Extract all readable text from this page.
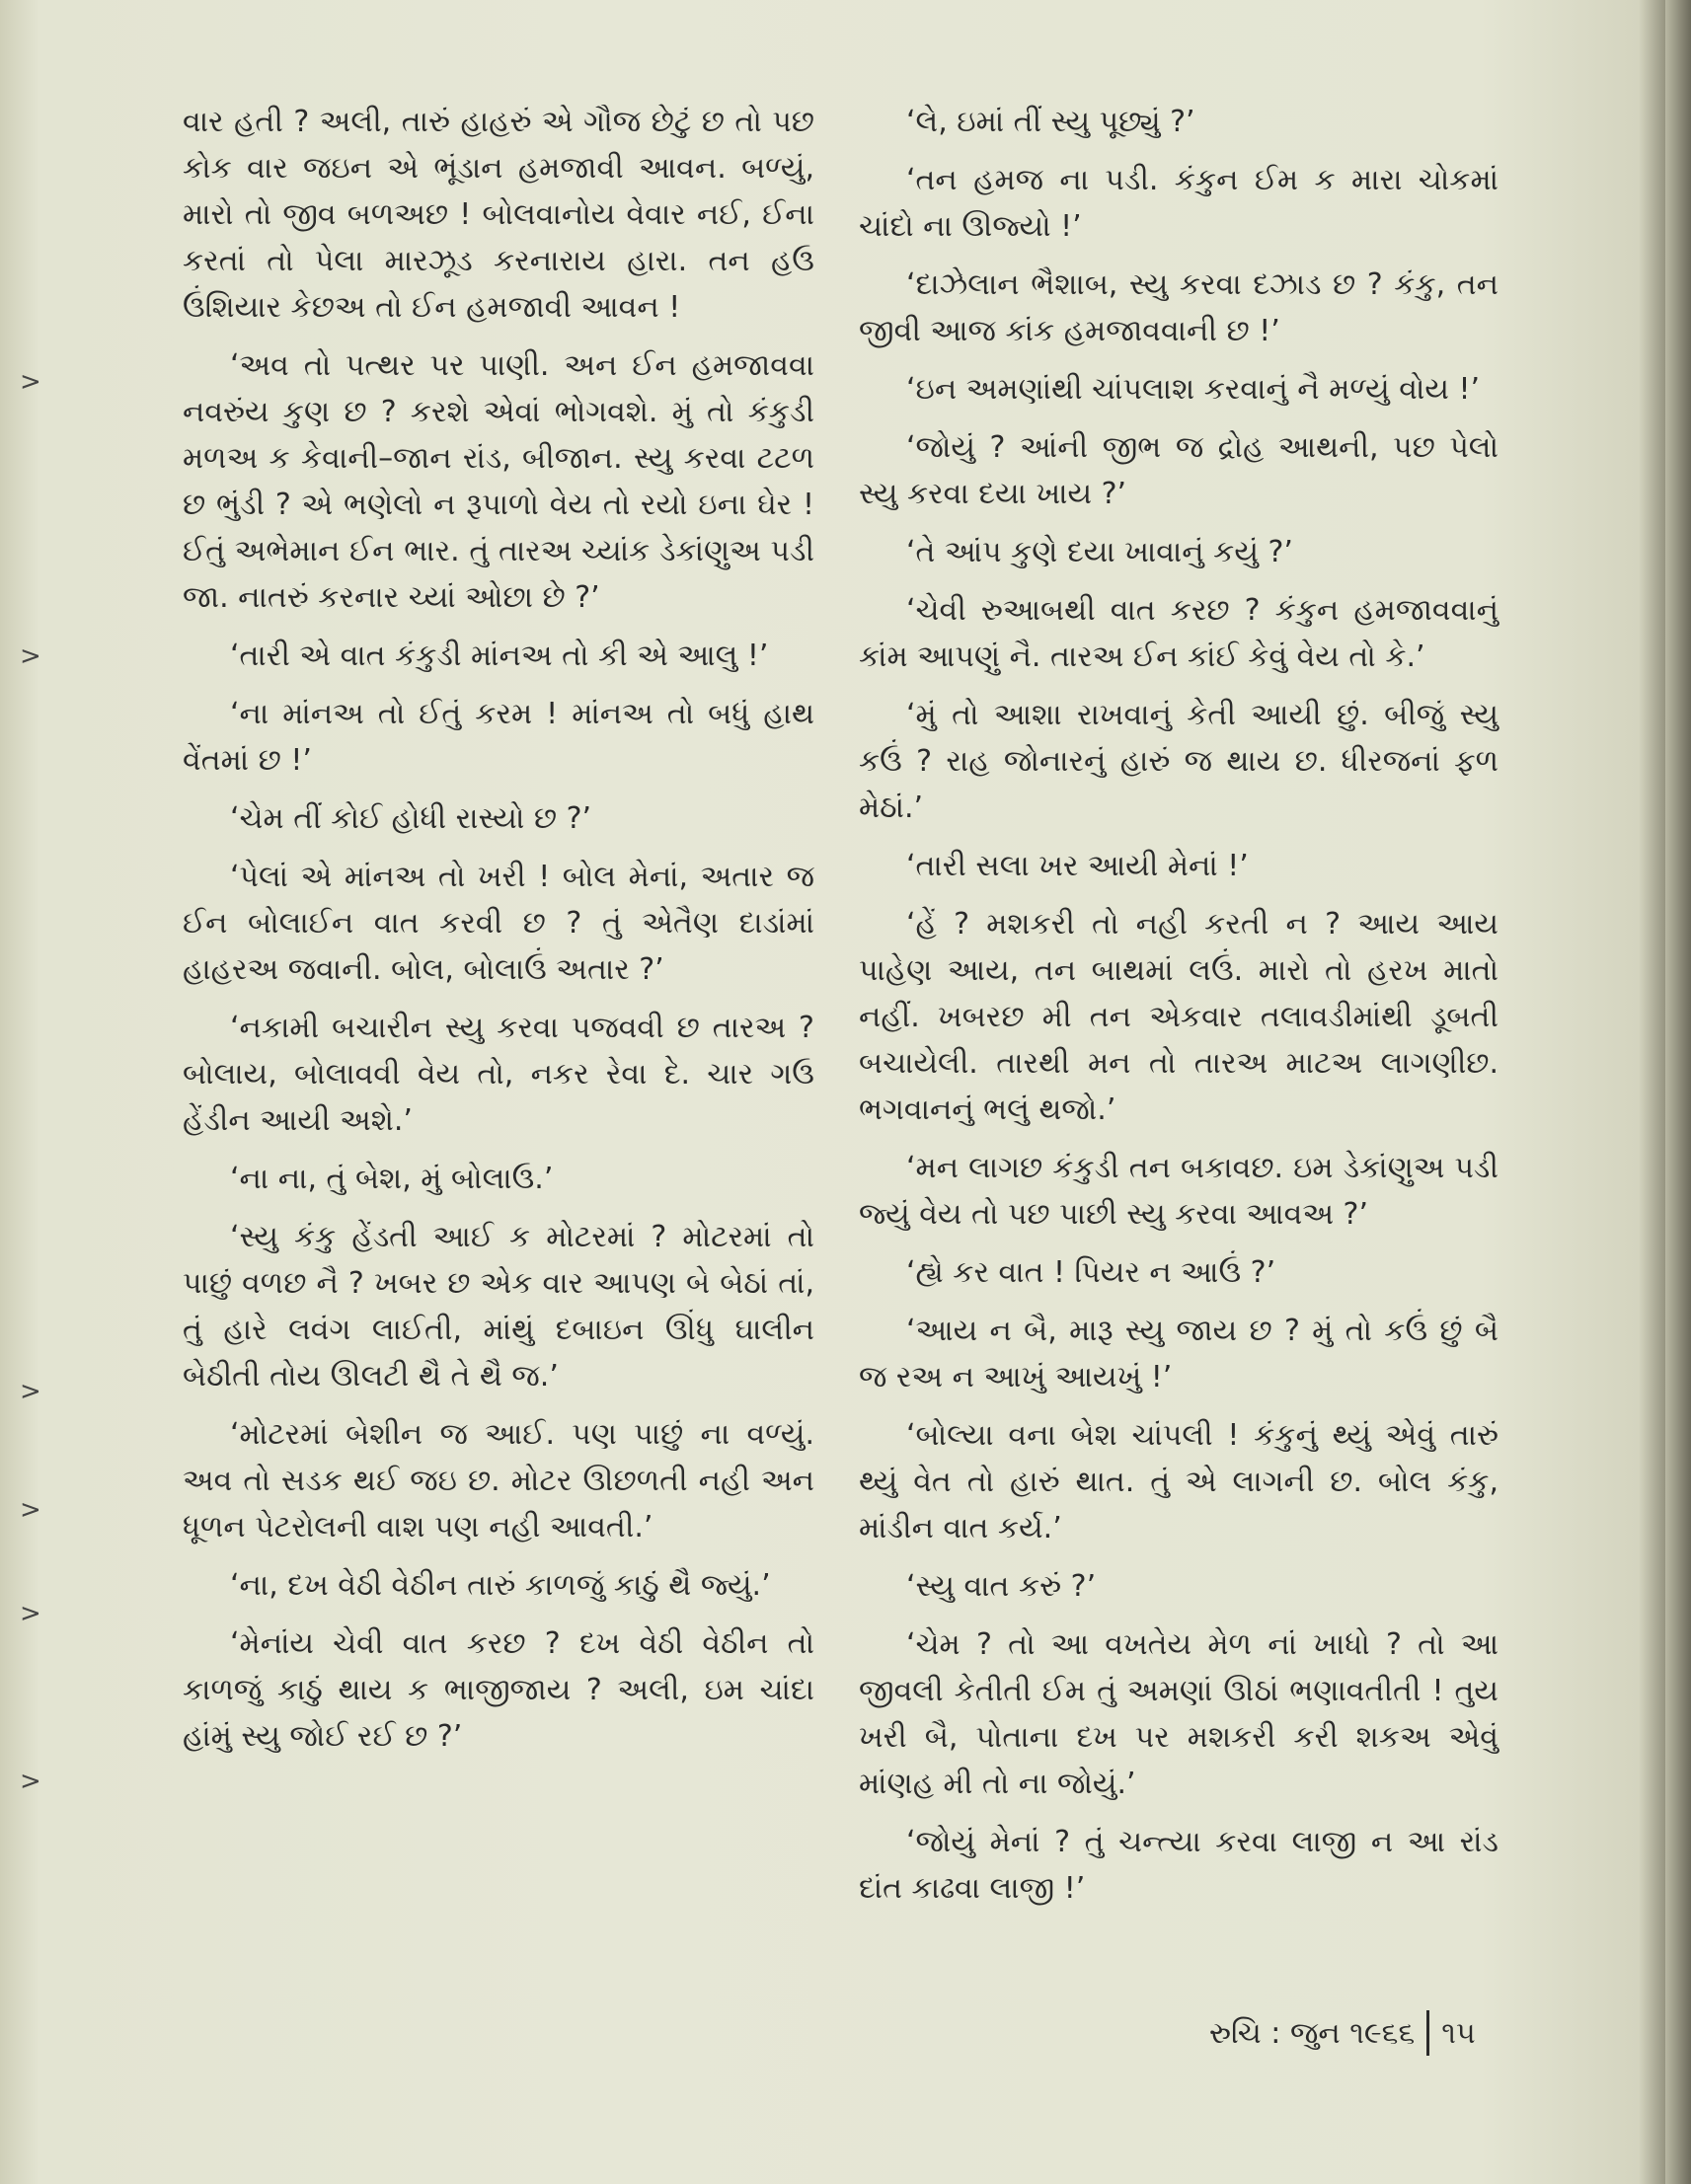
>
>
>
>
>
>

વાર હતી ? અલી, તારું હાહરું એ ગૌજ છેટું છ તો પછ કોક વાર જઇન એ ભૂંડાન હમજાવી આવન. બળ્યું, મારો તો જીવ બળઅછ ! બોલવાનોય વેવાર નઈ, ઈના કરતાં તો પેલા મારઝૂડ કરનારાય હારા. તન હઉ ઉંશિયાર કેછઅ તો ઈન હમજાવી આવન !

‘અવ તો પત્થર પર પાણી. અન ઈન હમજાવવા નવરુંય કુણ છ ? કરશે એવાં ભોગવશે. મું તો કંકુડી મળઅ ક કેવાની–જાન રાંડ, બીજાન. સ્યુ કરવા ટટળ છ ભુંડી ? એ ભણેલો ન રૂપાળો વેય તો રયો ઇના ઘેર ! ઈતું અભેમાન ઈન ભાર. તું તારઅ ચ્યાંક ડેકાંણુઅ પડી જા. નાતરું કરનાર ચ્યાં ઓછા છે ?’

‘તારી એ વાત કંકુડી માંનઅ તો કી એ આલુ !’

‘ના માંનઅ તો ઈતું કરમ ! માંનઅ તો બધું હાથ વેંતમાં છ !’

‘ચેમ તીં કોઈ હોધી રાસ્યો છ ?’

‘પેલાં એ માંનઅ તો ખરી ! બોલ મેનાં, અતાર જ ઈન બોલાઈન વાત કરવી છ ? તું એતૈણ દાડાંમાં હાહરઅ જવાની. બોલ, બોલાઉં અતાર ?’

‘નકામી બચારીન સ્યુ કરવા પજવવી છ તારઅ ? બોલાય, બોલાવવી વેય તો, નકર રેવા દે. ચાર ગઉ હેંડીન આયી અશે.’

‘ના ના, તું બેશ, મું બોલાઉ.’

‘સ્યુ કંકુ હેંડતી આઈ ક મોટરમાં ? મોટરમાં તો પાછું વળછ નૈ ? ખબર છ એક વાર આપણ બે બેઠાં તાં, તું હારે લવંગ લાઈતી, માંથું દબાઇન ઊંધુ ઘાલીન બેઠીતી તોય ઊલટી થૈ તે થૈ જ.’

‘મોટરમાં બેશીન જ આઈ. પણ પાછું ના વળ્યું. અવ તો સડક થઈ જઇ છ. મોટર ઊછળતી નહી અન ધૂળન પેટરોલની વાશ પણ નહી આવતી.’

‘ના, દખ વેઠી વેઠીન તારું કાળજું કાઠું થૈ જ્યું.’

‘મેનાંય ચેવી વાત કરછ ? દખ વેઠી વેઠીન તો કાળજું કાઠું થાય ક ભાજીજાય ? અલી, ઇમ ચાંદા હાંમું સ્યુ જોઈ રઈ છ ?’

‘લે, ઇમાં તીં સ્યુ પૂછ્યું ?’

‘તન હમજ ના પડી. કંકુન ઈમ ક મારા ચોકમાં ચાંદો ના ઊજ્યો !’

‘દાઝેલાન ભૈશાબ, સ્યુ કરવા દઝાડ છ ? કંકુ, તન જીવી આજ કાંક હમજાવવાની છ !’

‘ઇન અમણાંથી ચાંપલાશ કરવાનું નૈ મળ્યું વોય !’

‘જોયું ? આંની જીભ જ દ્રોહ આથની, પછ પેલો સ્યુ કરવા દયા ખાય ?’

‘તે આંપ કુણે દયા ખાવાનું કયું ?’

‘ચેવી રુઆબથી વાત કરછ ? કંકુન હમજાવવાનું કાંમ આપણું નૈ. તારઅ ઈન કાંઈ કેવું વેય તો કે.’

‘મું તો આશા રાખવાનું કેતી આયી છું. બીજું સ્યુ કઉં ? રાહ જોનારનું હારું જ થાય છ. ધીરજનાં ફળ મેઠાં.’

‘તારી સલા ખર આયી મેનાં !’

‘હેં ? મશકરી તો નહી કરતી ન ? આય આય પાહેણ આય, તન બાથમાં લઉં. મારો તો હરખ માતો નહીં. ખબરછ મી તન એકવાર તલાવડીમાંથી ડૂબતી બચાયેલી. તારથી મન તો તારઅ માટઅ લાગણીછ. ભગવાનનું ભલું થજો.’

‘મન લાગછ કંકુડી તન બકાવછ. ઇમ ડેકાંણુઅ પડી જ્યું વેય તો પછ પાછી સ્યુ કરવા આવઅ ?’

‘હ્યે કર વાત ! પિયર ન આઉં ?’

‘આય ન બૈ, મારૂ સ્યુ જાય છ ? મું તો કઉં છું બૈ જ રઅ ન આખું આયખું !’

‘બોલ્યા વના બેશ ચાંપલી ! કંકુનું થ્યું એવું તારું થ્યું વેત તો હારું થાત. તું એ લાગની છ. બોલ કંકુ, માંડીન વાત કર્ય.’

‘સ્યુ વાત કરું ?’

‘ચેમ ? તો આ વખતેય મેળ નાં ખાધો ? તો આ જીવલી કેતીતી ઈમ તું અમણાં ઊઠાં ભણાવતીતી ! તુય ખરી બૈ, પોતાના દખ પર મશકરી કરી શકઅ એવું માંણહ મી તો ના જોયું.’

‘જોયું મેનાં ? તું ચન્ત્યા કરવા લાજી ન આ રાંડ દાંત કાઢવા લાજી !’

રુચિ : જુન ૧૯૬૬ ૧૫
